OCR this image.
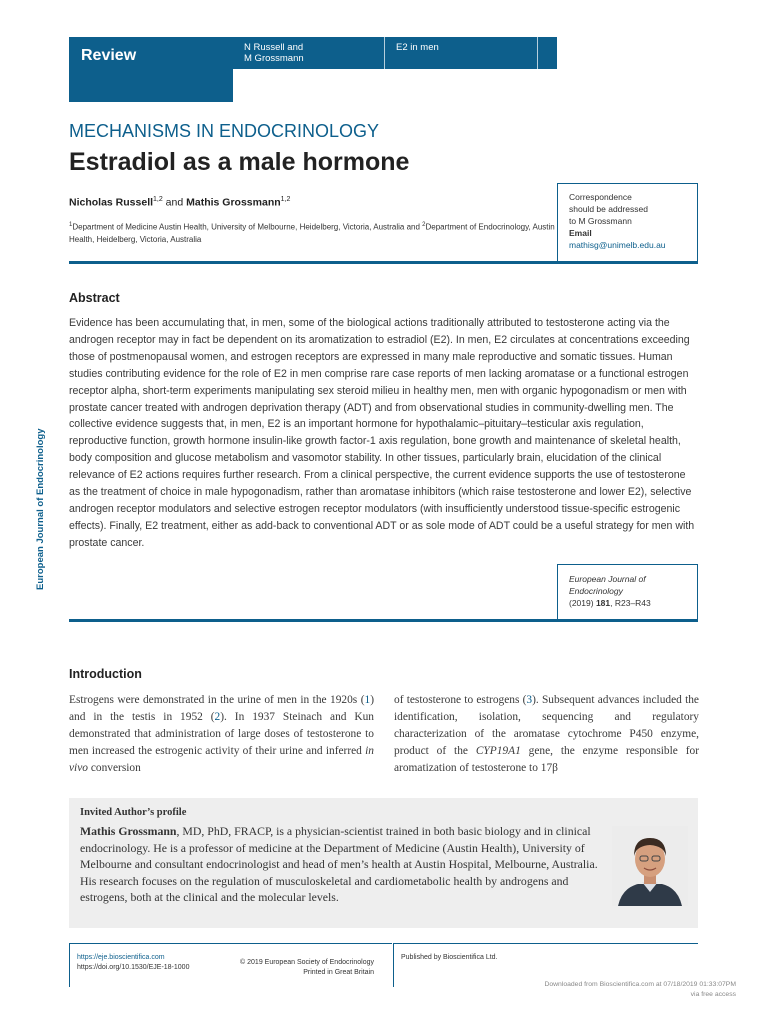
Review	N Russell and
M Grossmann
E2 in men	181:1	R23–R43
European Journal of Endocrinology
MECHANISMS IN ENDOCRINOLOGY
Estradiol as a male hormone
Nicholas Russell$^{1,2}$ and Mathis Grossmann$^{1,2}$
$^1$Department of Medicine Austin Health, University of Melbourne, Heidelberg, Victoria, Australia and $^2$Department of Endocrinology, Austin Health, Heidelberg, Victoria, Australia
Correspondence
should be addressed
to M Grossmann
Email
mathisg@unimelb.edu.au
Abstract
Evidence has been accumulating that, in men, some of the biological actions traditionally attributed to testosterone acting via the androgen receptor may in fact be dependent on its aromatization to estradiol (E2). In men, E2 circulates at concentrations exceeding those of postmenopausal women, and estrogen receptors are expressed in many male reproductive and somatic tissues. Human studies contributing evidence for the role of E2 in men comprise rare case reports of men lacking aromatase or a functional estrogen receptor alpha, short-term experiments manipulating sex steroid milieu in healthy men, men with organic hypogonadism or men with prostate cancer treated with androgen deprivation therapy (ADT) and from observational studies in community-dwelling men. The collective evidence suggests that, in men, E2 is an important hormone for hypothalamic–pituitary–testicular axis regulation, reproductive function, growth hormone insulin-like growth factor-1 axis regulation, bone growth and maintenance of skeletal health, body composition and glucose metabolism and vasomotor stability. In other tissues, particularly brain, elucidation of the clinical relevance of E2 actions requires further research. From a clinical perspective, the current evidence supports the use of testosterone as the treatment of choice in male hypogonadism, rather than aromatase inhibitors (which raise testosterone and lower E2), selective androgen receptor modulators and selective estrogen receptor modulators (with insufficiently understood tissue-specific estrogenic effects). Finally, E2 treatment, either as add-back to conventional ADT or as sole mode of ADT could be a useful strategy for men with prostate cancer.
European Journal of
Endocrinology
(2019) 181, R23–R43
Introduction
Estrogens were demonstrated in the urine of men in the 1920s (1) and in the testis in 1952 (2). In 1937 Steinach and Kun demonstrated that administration of large doses of testosterone to men increased the estrogenic activity of their urine and inferred in vivo conversion
of testosterone to estrogens (3). Subsequent advances included the identification, isolation, sequencing and regulatory characterization of the aromatase cytochrome P450 enzyme, product of the CYP19A1 gene, the enzyme responsible for aromatization of testosterone to 17β
Invited Author’s profile
Mathis Grossmann, MD, PhD, FRACP, is a physician-scientist trained in both basic biology and in clinical endocrinology. He is a professor of medicine at the Department of Medicine (Austin Health), University of Melbourne and consultant endocrinologist and head of men’s health at Austin Hospital, Melbourne, Australia. His research focuses on the regulation of musculoskeletal and cardiometabolic health by androgens and estrogens, both at the clinical and the molecular levels.
https://eje.bioscientifica.com
https://doi.org/10.1530/EJE-18-1000
© 2019 European Society of Endocrinology
Printed in Great Britain
Published by Bioscientifica Ltd.
Downloaded from Bioscientifica.com at 07/18/2019 01:33:07PM
via free access
